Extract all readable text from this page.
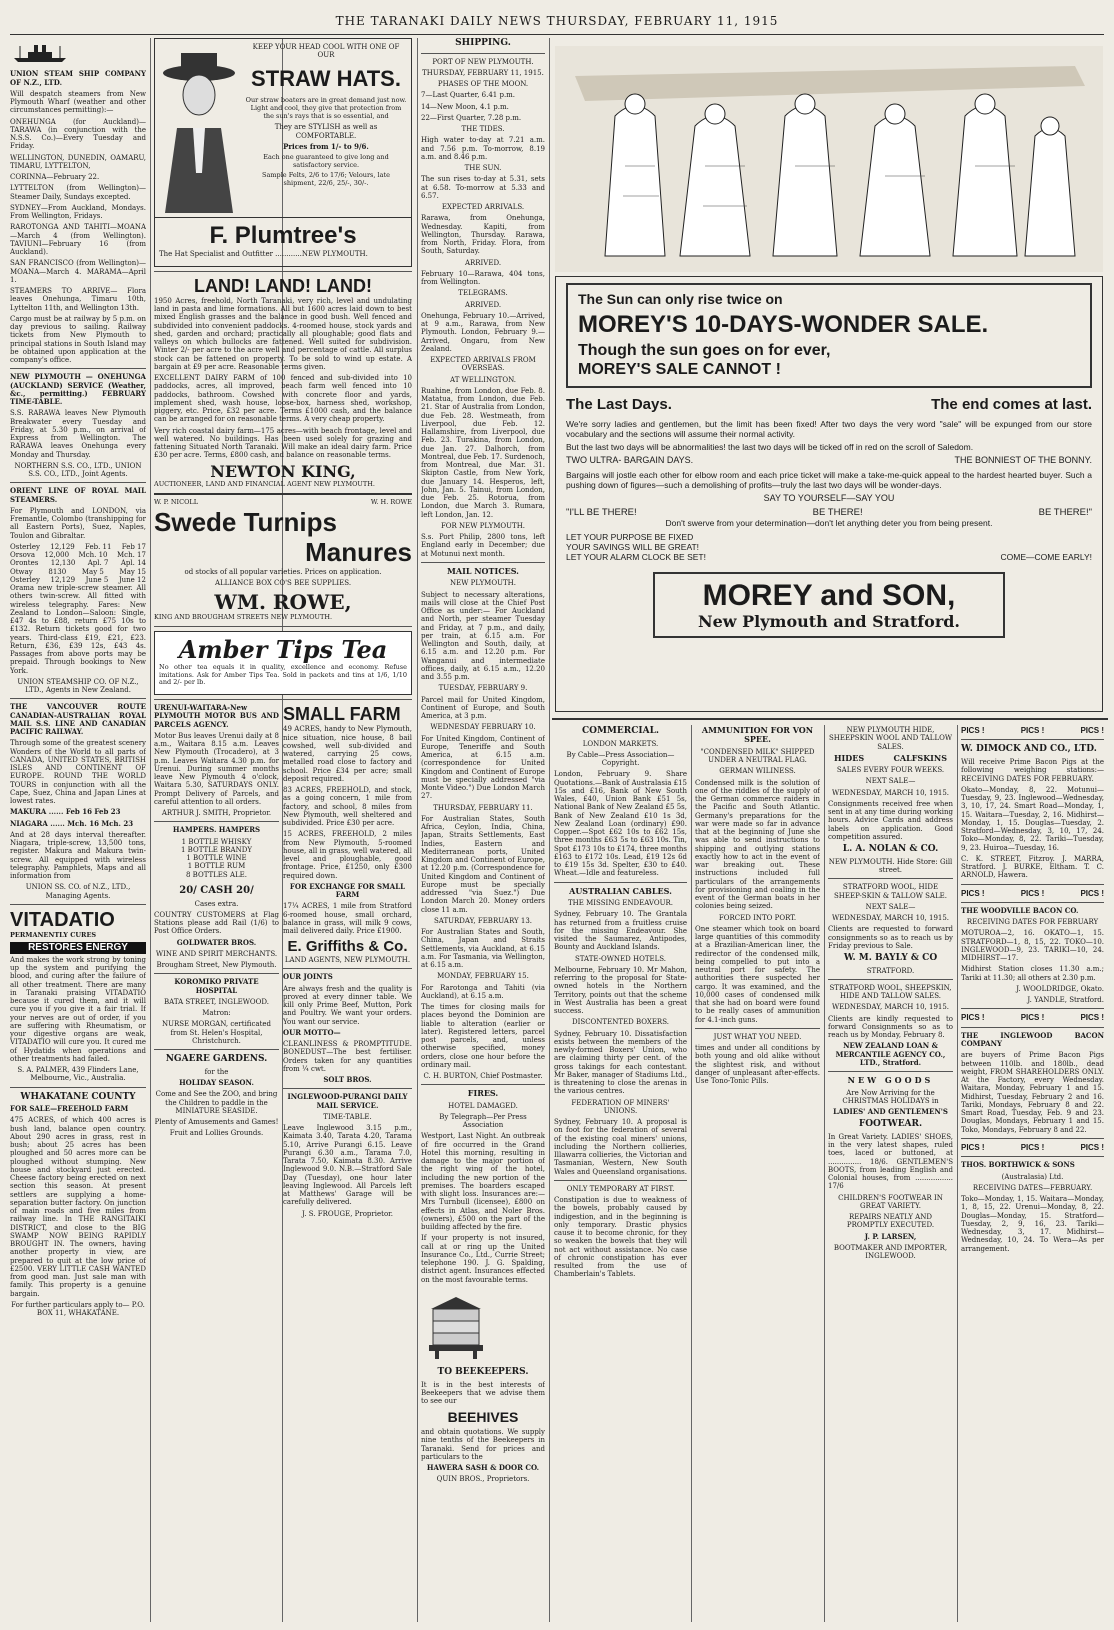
THE TARANAKI DAILY NEWS THURSDAY, FEBRUARY 11, 1915

UNION STEAM SHIP COMPANY OF N.Z., LTD.

Will despatch steamers from New Plymouth Wharf (weather and other circumstances permitting):—

ONEHUNGA (for Auckland)—TARAWA (in conjunction with the N.S.S. Co.)—Every Tuesday and Friday.

WELLINGTON, DUNEDIN, OAMARU, TIMARU, LYTTELTON,

CORINNA—February 22.

LYTTELTON (from Wellington)—Steamer Daily, Sundays excepted.

SYDNEY—From Auckland, Mondays. From Wellington, Fridays.

RAROTONGA AND TAHITI—MOANA—March 4 (from Wellington). TAVIUNI—February 16 (from Auckland).

SAN FRANCISCO (from Wellington)—MOANA—March 4. MARAMA—April 1.

STEAMERS TO ARRIVE— Flora leaves Onehunga, Timaru 10th, Lyttelton 11th, and Wellington 13th.

Cargo must be at railway by 5 p.m. on day previous to sailing. Railway tickets from New Plymouth to principal stations in South Island may be obtained upon application at the company's office.

NEW PLYMOUTH — ONEHUNGA (AUCKLAND) SERVICE (Weather, &c., permitting.) FEBRUARY TIME-TABLE.

S.S. RARAWA leaves New Plymouth Breakwater every Tuesday and Friday, at 5.30 p.m., on arrival of Express from Wellington. The RARAWA leaves Onehunga every Monday and Thursday.

NORTHERN S.S. CO., LTD., UNION S.S. CO., LTD., Joint Agents.

ORIENT LINE OF ROYAL MAIL STEAMERS.

For Plymouth and LONDON, via Fremantle, Colombo (transhipping for all Eastern Ports), Suez, Naples, Toulon and Gibraltar.

Osterley 12,129 Feb. 11 Feb 17
Orsova 12,000 Mch. 10 Mch. 17
Orontes 12,130 Apl. 7 Apl. 14
Otway 8130 May 5 May 15
Osterley 12,129 June 5 June 12

Orama new triple-screw steamer. All others twin-screw. All fitted with wireless telegraphy. Fares: New Zealand to London—Saloon: Single, £47 4s to £88, return £75 10s to £132. Return tickets good for two years. Third-class £19, £21, £23. Return, £36, £39 12s, £43 4s. Passages from above ports may be prepaid. Through bookings to New York.

UNION STEAMSHIP CO. OF N.Z., LTD., Agents in New Zealand.

THE VANCOUVER ROUTE CANADIAN-AUSTRALIAN ROYAL MAIL S.S. LINE AND CANADIAN PACIFIC RAILWAY.

Through some of the greatest scenery Wonders of the World to all parts of CANADA, UNITED STATES, BRITISH ISLES AND CONTINENT OF EUROPE. ROUND THE WORLD TOURS in conjunction with all the Cape, Suez, China and Japan Lines at lowest rates.

MAKURA ...... Feb 16 Feb 23

NIAGARA ...... Mch. 16 Mch. 23

And at 28 days interval thereafter. Niagara, triple-screw, 13,500 tons, register. Makura and Makura twin-screw. All equipped with wireless telegraphy. Pamphlets, Maps and all information from

UNION SS. CO. of N.Z., LTD., Managing Agents.

VITADATIO
PERMANENTLY CURES
RESTORES ENERGY

And makes the work strong by toning up the system and purifying the blood, and curing after the failure of all other treatment. There are many in Taranaki praising VITADATIO because it cured them, and it will cure you if you give it a fair trial. If your nerves are out of order, if you are suffering with Rheumatism, or your digestive organs are weak, VITADATIO will cure you. It cured me of Hydatids when operations and other treatments had failed.

S. A. PALMER, 439 Flinders Lane, Melbourne, Vic., Australia.

WHAKATANE COUNTY

FOR SALE—FREEHOLD FARM

475 ACRES, of which 400 acres is bush land, balance open country. About 290 acres in grass, rest in bush; about 25 acres has been ploughed and 50 acres more can be ploughed without stumping. New house and stockyard just erected. Cheese factory being erected on next section this season. At present settlers are supplying a home-separation butter factory. On junction of main roads and five miles from railway line. In THE RANGITAIKI DISTRICT, and close to the BIG SWAMP NOW BEING RAPIDLY BROUGHT IN. The owners, having another property in view, are prepared to quit at the low price of £2500. VERY LITTLE CASH WANTED from good man. Just sale man with family. This property is a genuine bargain.

For further particulars apply to— P.O. BOX 11, WHAKATANE.

KEEP YOUR HEAD COOL WITH ONE OF OUR

STRAW HATS.

Our straw boaters are in great demand just now. Light and cool, they give that protection from the sun's rays that is so essential, and

They are STYLISH as well as COMFORTABLE.

Prices from 1/- to 9/6.

Each one guaranteed to give long and satisfactory service.

Sample Felts, 2/6 to 17/6; Velours, late shipment, 22/6, 25/-, 30/-.

F. Plumtree's

The Hat Specialist and Outfitter ............NEW PLYMOUTH.

LAND! LAND! LAND!

1950 Acres, freehold, North Taranaki, very rich, level and undulating land in pasta and lime formations. All but 1600 acres laid down to best mixed English grasses and the balance in good bush. Well fenced and subdivided into convenient paddocks. 4-roomed house, stock yards and shed, garden and orchard; practically all ploughable; good flats and valleys on which bullocks are fattened. Well suited for subdivision. Winter 2/- per acre to the acre well and percentage of cattle. All surplus stock can be fattened on property. To be sold to wind up estate. A bargain at £9 per acre. Reasonable terms given.

EXCELLENT DAIRY FARM of 100 fenced and sub-divided into 10 paddocks, acres, all improved, beach farm well fenced into 10 paddocks, bathroom. Cowshed with concrete floor and yards, implement shed, wash house, loose-box, harness shed, workshop, piggery, etc. Price, £32 per acre. Terms £1000 cash, and the balance can be arranged for on reasonable terms. A very cheap property.

Very rich coastal dairy farm—175 acres—with beach frontage, level and well watered. No buildings. Has been used solely for grazing and fattening Situated North Taranaki. Will make an ideal dairy farm. Price £30 per acre. Terms, £800 cash, and balance on reasonable terms.

NEWTON KING,

AUCTIONEER, LAND AND FINANCIAL AGENT NEW PLYMOUTH.

W. P. NICOLL	W. H. ROWE
Swede Turnips
Manures

od stocks of all popular varieties. Prices on application.

ALLIANCE BOX CO'S BEE SUPPLIES.

WM. ROWE,

KING AND BROUGHAM STREETS NEW PLYMOUTH.

Amber Tips Tea

No other tea equals it in quality, excellence and economy. Refuse imitations. Ask for Amber Tips Tea. Sold in packets and tins at 1/6, 1/10 and 2/- per lb.

URENUI-WAITARA-New PLYMOUTH MOTOR BUS AND PARCELS AGENCY.

Motor Bus leaves Urenui daily at 8 a.m., Waitara 8.15 a.m. Leaves New Plymouth (Trocadero), at 3 p.m. Leaves Waitara 4.30 p.m. for Urenui. During summer months leave New Plymouth 4 o'clock, Waitara 5.30, SATURDAYS ONLY. Prompt Delivery of Parcels, and careful attention to all orders.

ARTHUR J. SMITH, Proprietor.

HAMPERS. HAMPERS

1 BOTTLE WHISKY
1 BOTTLE BRANDY
1 BOTTLE WINE
1 BOTTLE RUM
8 BOTTLES ALE.

20/ CASH 20/

Cases extra.

COUNTRY CUSTOMERS at Flag Stations please add Rail (1/6) to Post Office Orders.

GOLDWATER BROS.

WINE AND SPIRIT MERCHANTS.

Brougham Street, New Plymouth.

KOROMIKO PRIVATE HOSPITAL

BATA STREET, INGLEWOOD.

Matron:

NURSE MORGAN, certificated from St. Helen's Hospital, Christchurch.

NGAERE GARDENS.

for the

HOLIDAY SEASON.

Come and See the ZOO, and bring the Children to paddle in the MINIATURE SEASIDE.

Plenty of Amusements and Games!

Fruit and Lollies Grounds.

SMALL FARM

49 ACRES, handy to New Plymouth, nice situation, nice house, 8 bail cowshed, well sub-divided and watered, carrying 25 cows, metalled road close to factory and school. Price £34 per acre; small deposit required.

83 ACRES, FREEHOLD, and stock, as a going concern, 1 mile from factory, and school, 8 miles from New Plymouth, well sheltered and subdivided. Price £30 per acre.

15 ACRES, FREEHOLD, 2 miles from New Plymouth, 5-roomed house, all in grass, well watered, all level and ploughable, good frontage. Price, £1250, only £300 required down.

FOR EXCHANGE FOR SMALL FARM

17¼ ACRES, 1 mile from Stratford 6-roomed house, small orchard, balance in grass, will milk 9 cows, mail delivered daily. Price £1900.

E. Griffiths & Co.

LAND AGENTS, NEW PLYMOUTH.

OUR JOINTS

Are always fresh and the quality is proved at every dinner table. We kill only Prime Beef, Mutton, Pork and Poultry. We want your orders. You want our service.

OUR MOTTO—

CLEANLINESS & PROMPTITUDE. BONEDUST—The best fertiliser. Orders taken for any quantities from ¼ cwt.

SOLT BROS.

INGLEWOOD-PURANGI DAILY MAIL SERVICE.

TIME-TABLE.

Leave Inglewood 3.15 p.m., Kaimata 3.40, Tarata 4.20, Tarama 5.10, Arrive Purangi 6.15. Leave Purangi 6.30 a.m., Tarama 7.0, Tarata 7.50, Kaimata 8.30. Arrive Inglewood 9.0. N.B.—Stratford Sale Day (Tuesday), one hour later leaving Inglewood. All Parcels left at Matthews' Garage will be carefully delivered.

J. S. FROUGE, Proprietor.

SHIPPING.

PORT OF NEW PLYMOUTH.

THURSDAY, FEBRUARY 11, 1915.

PHASES OF THE MOON.

7—Last Quarter, 6.41 p.m.

14—New Moon, 4.1 p.m.

22—First Quarter, 7.28 p.m.

THE TIDES.

High water to-day at 7.21 a.m. and 7.56 p.m. To-morrow, 8.19 a.m. and 8.46 p.m.

THE SUN.

The sun rises to-day at 5.31, sets at 6.58. To-morrow at 5.33 and 6.57.

EXPECTED ARRIVALS.

Rarawa, from Onehunga, Wednesday. Kapiti, from Wellington, Thursday. Rarawa, from North, Friday. Flora, from South, Saturday.

ARRIVED.

February 10—Rarawa, 404 tons, from Wellington.

TELEGRAMS.

ARRIVED.

Onehunga, February 10.—Arrived, at 9 a.m., Rarawa, from New Plymouth. London, February 9.—Arrived, Ongaru, from New Zealand.

EXPECTED ARRIVALS FROM OVERSEAS.

AT WELLINGTON.

Ruahine, from London, due Feb. 8. Matatua, from London, due Feb. 21. Star of Australia from London, due Feb. 28. Westmeath, from Liverpool, due Feb. 12. Hallamshire, from Liverpool, due Feb. 23. Turakina, from London, due Jan. 27. Dalhorch, from Montreal, due Feb. 17. Surdenoch, from Montreal, due Mar. 31. Skipton Castle, from New York, due January 14. Hesperos, left, John, Jan. 5. Tainui, from London, due Feb. 25. Rotorua, from London, due March 3. Rumara, left London, Jan. 12.

FOR NEW PLYMOUTH.

S.s. Port Philip, 2800 tons, left England early in December; due at Motunui next month.

MAIL NOTICES.

NEW PLYMOUTH.

Subject to necessary alterations, mails will close at the Chief Post Office as under:— For Auckland and North, per steamer Tuesday and Friday, at 7 p.m., and daily, per train, at 6.15 a.m. For Wellington and South, daily, at 6.15 a.m. and 12.20 p.m. For Wanganui and intermediate offices, daily, at 6.15 a.m., 12.20 and 3.55 p.m.

TUESDAY, FEBRUARY 9.

Parcel mail for United Kingdom, Continent of Europe, and South America, at 3 p.m.

WEDNESDAY FEBRUARY 10.

For United Kingdom, Continent of Europe, Teneriffe and South America, at 6.15 a.m. (correspondence for United Kingdom and Continent of Europe must be specially addressed "via Monte Video.") Due London March 27.

THURSDAY, FEBRUARY 11.

For Australian States, South Africa, Ceylon, India, China, Japan, Straits Settlements, East Indies, Eastern and Mediterranean ports, United Kingdom and Continent of Europe, at 12.20 p.m. (Correspondence for United Kingdom and Continent of Europe must be specially addressed "via Suez.") Due London March 20. Money orders close 11 a.m.

SATURDAY, FEBRUARY 13.

For Australian States and South, China, Japan and Straits Settlements, via Auckland, at 6.15 a.m. For Tasmania, via Wellington, at 6.15 a.m.

MONDAY, FEBRUARY 15.

For Rarotonga and Tahiti (via Auckland), at 6.15 a.m.

The times for closing mails for places beyond the Dominion are liable to alteration (earlier or later). Registered letters, parcel post parcels, and, unless otherwise specified, money orders, close one hour before the ordinary mail.

C. H. BURTON, Chief Postmaster.

FIRES.

HOTEL DAMAGED.

By Telegraph—Per Press Association

Westport, Last Night. An outbreak of fire occurred in the Grand Hotel this morning, resulting in damage to the major portion of the right wing of the hotel, including the new portion of the premises. The boarders escaped with slight loss. Insurances are:—Mrs Turnbull (licensee), £800 on effects in Atlas, and Noler Bros. (owners), £500 on the part of the building affected by the fire.

If your property is not insured, call at or ring up the United Insurance Co., Ltd., Currie Street; telephone 190. J. G. Spalding, district agent. Insurances effected on the most favourable terms.

TO BEEKEEPERS.

It is in the best interests of Beekeepers that we advise them to see our

BEEHIVES

and obtain quotations. We supply nine tenths of the Beekeepers in Taranaki. Send for prices and particulars to the

HAWERA SASH & DOOR CO.

QUIN BROS., Proprietors.

The Sun can only rise twice on
MOREY'S 10-DAYS-WONDER SALE.
Though the sun goes on for ever,
MOREY'S SALE CANNOT !
The Last Days.	The end comes at last.

We're sorry ladies and gentlemen, but the limit has been fixed! After two days the very word "sale" will be expunged from our store vocabulary and the sections will assume their normal activity.

But the last two days will be abnormalities! the last two days will be ticked off in red on the scroll of Saledom.

TWO ULTRA- BARGAIN DAYS.	THE BONNIEST OF THE BONNY.

Bargains will jostle each other for elbow room and each price ticket will make a take-me-quick appeal to the hardest hearted buyer. Such a pushing down of figures—such a demolishing of profits—truly the last two days will be wonder-days.

SAY TO YOURSELF—SAY YOU

"I'LL BE THERE!	BE THERE!	BE THERE!"

Don't swerve from your determination—don't let anything deter you from being present.

LET YOUR PURPOSE BE FIXED
YOUR SAVINGS WILL BE GREAT!
LET YOUR ALARM CLOCK BE SET!	COME—COME EARLY!
MOREY and SON,
New Plymouth and Stratford.

COMMERCIAL.

LONDON MARKETS.

By Cable—Press Association—Copyright.

London, February 9. Share Quotations.—Bank of Australasia £15 15s and £16, Bank of New South Wales, £40, Union Bank £51 5s, National Bank of New Zealand £5 5s, Bank of New Zealand £10 1s 3d, New Zealand Loan (ordinary) £90. Copper.—Spot £62 10s to £62 15s, three months £63 5s to £63 10s. Tin, Spot £173 10s to £174, three months £163 to £172 10s. Lead, £19 12s 6d to £19 15s 3d. Spelter, £30 to £40. Wheat.—Idle and featureless.

AUSTRALIAN CABLES.

THE MISSING ENDEAVOUR.

Sydney, February 10. The Grantala has returned from a fruitless cruise for the missing Endeavour. She visited the Saumarez, Antipodes, Bounty and Auckland Islands.

STATE-OWNED HOTELS.

Melbourne, February 10. Mr Mahon, referring to the proposal for State-owned hotels in the Northern Territory, points out that the scheme in West Australia has been a great success.

DISCONTENTED BOXERS.

Sydney, February 10. Dissatisfaction exists between the members of the newly-formed Boxers' Union, who are claiming thirty per cent. of the gross takings for each contestant. Mr Baker, manager of Stadiums Ltd., is threatening to close the arenas in the various centres.

FEDERATION OF MINERS' UNIONS.

Sydney, February 10. A proposal is on foot for the federation of several of the existing coal miners' unions, including the Northern collieries, Illawarra collieries, the Victorian and Tasmanian, Western, New South Wales and Queensland organisations.

ONLY TEMPORARY AT FIRST.

Constipation is due to weakness of the bowels, probably caused by indigestion, and in the beginning is only temporary. Drastic physics cause it to become chronic, for they so weaken the bowels that they will not act without assistance. No case of chronic constipation has ever resulted from the use of Chamberlain's Tablets.

AMMUNITION FOR VON SPEE.

"CONDENSED MILK" SHIPPED UNDER A NEUTRAL FLAG.

GERMAN WILINESS.

Condensed milk is the solution of one of the riddles of the supply of the German commerce raiders in the Pacific and South Atlantic. Germany's preparations for the war were made so far in advance that at the beginning of June she was able to send instructions to shipping and outlying stations exactly how to act in the event of war breaking out. These instructions included full particulars of the arrangements for provisioning and coaling in the event of the German boats in her colonies being seized.

FORCED INTO PORT.

One steamer which took on board large quantities of this commodity at a Brazilian-American liner, the redirector of the condensed milk, being compelled to put into a neutral port for safety. The authorities there suspected her cargo. It was examined, and the 10,000 cases of condensed milk that she had on board were found to be really cases of ammunition for 4.1-inch guns.

JUST WHAT YOU NEED.

times and under all conditions by both young and old alike without the slightest risk, and without danger of unpleasant after-effects. Use Tono-Tonic Pills.

NEW PLYMOUTH HIDE, SHEEPSKIN WOOL AND TALLOW SALES.

HIDES	CALFSKINS

SALES EVERY FOUR WEEKS.

NEXT SALE—

WEDNESDAY, MARCH 10, 1915.

Consignments received free when sent in at any time during working hours. Advice Cards and address labels on application. Good competition assured.

L. A. NOLAN & CO.

NEW PLYMOUTH. Hide Store: Gill street.

STRATFORD WOOL, HIDE SHEEP-SKIN & TALLOW SALE.

NEXT SALE—

WEDNESDAY, MARCH 10, 1915.

Clients are requested to forward consignments so as to reach us by Friday previous to Sale.

W. M. BAYLY & CO

STRATFORD.

STRATFORD WOOL, SHEEPSKIN, HIDE AND TALLOW SALES.

WEDNESDAY, MARCH 10, 1915.

Clients are kindly requested to forward Consignments so as to reach us by Monday, February 8.

NEW ZEALAND LOAN & MERCANTILE AGENCY CO., LTD., Stratford.

NEW GOODS

Are Now Arriving for the CHRISTMAS HOLIDAYS in

LADIES' AND GENTLEMEN'S

FOOTWEAR.

In Great Variety. LADIES' SHOES, in the very latest shapes, ruled toes, laced or buttoned, at ............... 18/6. GENTLEMEN'S BOOTS, from leading English and Colonial houses, from ................. 17/6

CHILDREN'S FOOTWEAR IN GREAT VARIETY.

REPAIRS NEATLY AND PROMPTLY EXECUTED.

J. P. LARSEN,

BOOTMAKER AND IMPORTER, INGLEWOOD.

PICS !	PICS !	PICS !

W. DIMOCK AND CO., LTD.

Will receive Prime Bacon Pigs at the following weighing stations:— RECEIVING DATES FOR FEBRUARY.

Okato—Monday, 8, 22. Motunui—Tuesday, 9, 23. Inglewood—Wednesday, 3, 10, 17, 24. Smart Road—Monday, 1, 15. Waitara—Tuesday, 2, 16. Midhirst—Monday, 1, 15. Douglas—Tuesday, 2. Stratford—Wednesday, 3, 10, 17, 24. Toko—Monday, 8, 22. Tariki—Tuesday, 9, 23. Huiroa—Tuesday, 16.

C. K. STREET, Fitzroy. J. MARRA, Stratford. J. BURKE, Eltham. T. C. ARNOLD, Hawera.

PICS !	PICS !	PICS !

THE WOODVILLE BACON CO.

RECEIVING DATES FOR FEBRUARY

MOTUROA—2, 16. OKATO—1, 15. STRATFORD—1, 8, 15, 22. TOKO—10. INGLEWOOD—9, 23. TARIKI—10, 24. MIDHIRST—17.

Midhirst Station closes 11.30 a.m.; Tariki at 11.30; all others at 2.30 p.m.

J. WOOLDRIDGE, Okato.

J. YANDLE, Stratford.

PICS !	PICS !	PICS !

THE INGLEWOOD BACON COMPANY

are buyers of Prime Bacon Pigs between 110lb. and 180lb., dead weight, FROM SHAREHOLDERS ONLY. At the Factory, every Wednesday. Waitara, Monday, February 1 and 15. Midhirst, Tuesday, February 2 and 16. Tariki, Mondays, February 8 and 22. Smart Road, Tuesday, Feb. 9 and 23. Douglas, Mondays, February 1 and 15. Toko, Mondays, February 8 and 22.

PICS !	PICS !	PICS !

THOS. BORTHWICK & SONS

(Australasia) Ltd.

RECEIVING DATES—FEBRUARY.

Toko—Monday, 1, 15. Waitara—Monday, 1, 8, 15, 22. Urenui—Monday, 8, 22. Douglas—Monday, 15. Stratford—Tuesday, 2, 9, 16, 23. Tariki—Wednesday, 3, 17. Midhirst—Wednesday, 10, 24. To Wera—As per arrangement.
